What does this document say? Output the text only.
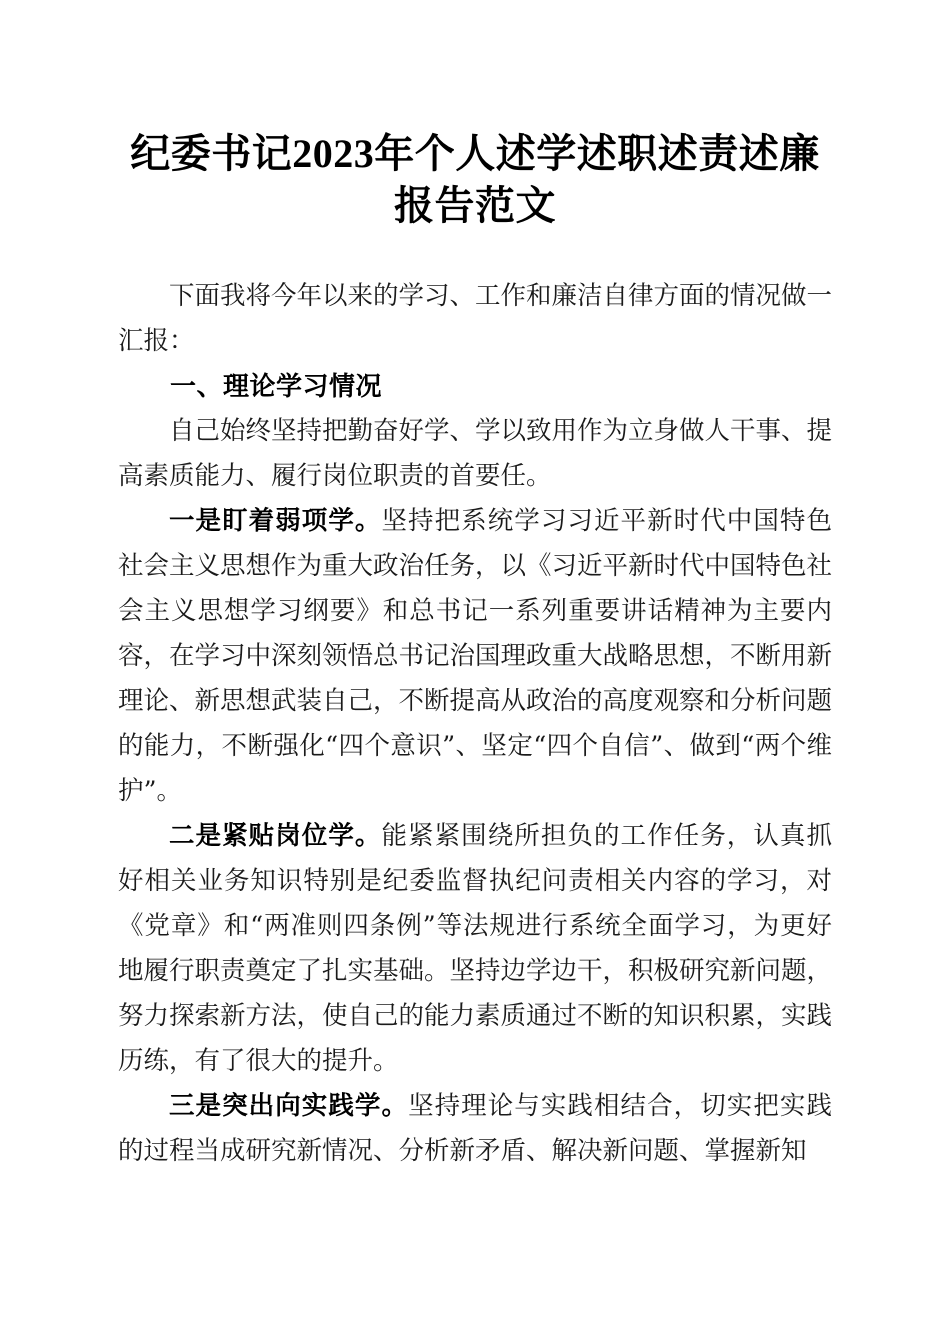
纪委书记2023年个人述学述职述责述廉报告范文

下面我将今年以来的学习、工作和廉洁自律方面的情况做一汇报：

一、理论学习情况

自己始终坚持把勤奋好学、学以致用作为立身做人干事、提高素质能力、履行岗位职责的首要任。

一是盯着弱项学。坚持把系统学习习近平新时代中国特色社会主义思想作为重大政治任务，以《习近平新时代中国特色社会主义思想学习纲要》和总书记一系列重要讲话精神为主要内容，在学习中深刻领悟总书记治国理政重大战略思想，不断用新理论、新思想武装自己，不断提高从政治的高度观察和分析问题的能力，不断强化“四个意识”、坚定“四个自信”、做到“两个维护”。

二是紧贴岗位学。能紧紧围绕所担负的工作任务，认真抓好相关业务知识特别是纪委监督执纪问责相关内容的学习，对《党章》和“两准则四条例”等法规进行系统全面学习，为更好地履行职责奠定了扎实基础。坚持边学边干，积极研究新问题，努力探索新方法，使自己的能力素质通过不断的知识积累，实践历练，有了很大的提升。

三是突出向实践学。坚持理论与实践相结合，切实把实践的过程当成研究新情况、分析新矛盾、解决新问题、掌握新知
